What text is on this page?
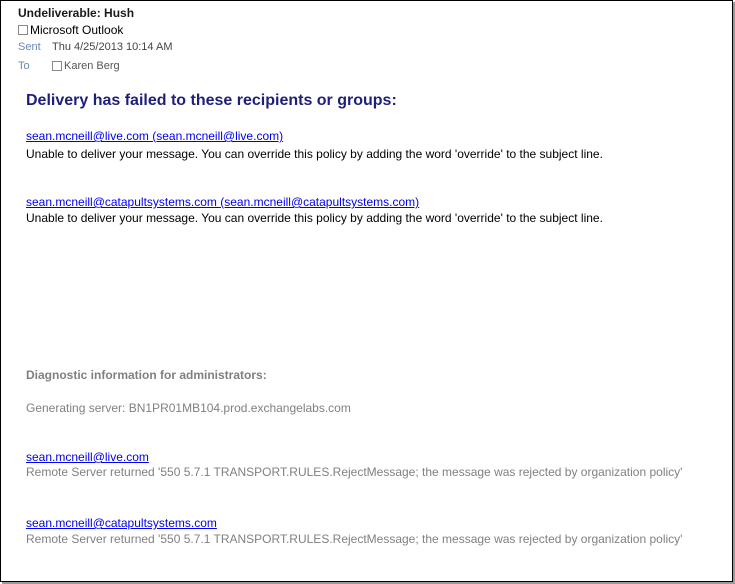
Undeliverable: Hush
Microsoft Outlook
Sent Thu 4/25/2013 10:14 AM
To	Karen Berg
Delivery has failed to these recipients or groups:
sean.mcneill@live.com (sean.mcneill@live.com)
Unable to deliver your message. You can override this policy by adding the word 'override' to the subject line.
sean.mcneill@catapultsystems.com (sean.mcneill@catapultsystems.com)
Unable to deliver your message. You can override this policy by adding the word 'override' to the subject line.
Diagnostic information for administrators:
Generating server: BN1PR01MB104.prod.exchangelabs.com
sean.mcneill@live.com
Remote Server returned '550 5.7.1 TRANSPORT.RULES.RejectMessage; the message was rejected by organization policy'
sean.mcneill@catapultsystems.com
Remote Server returned '550 5.7.1 TRANSPORT.RULES.RejectMessage; the message was rejected by organization policy'
